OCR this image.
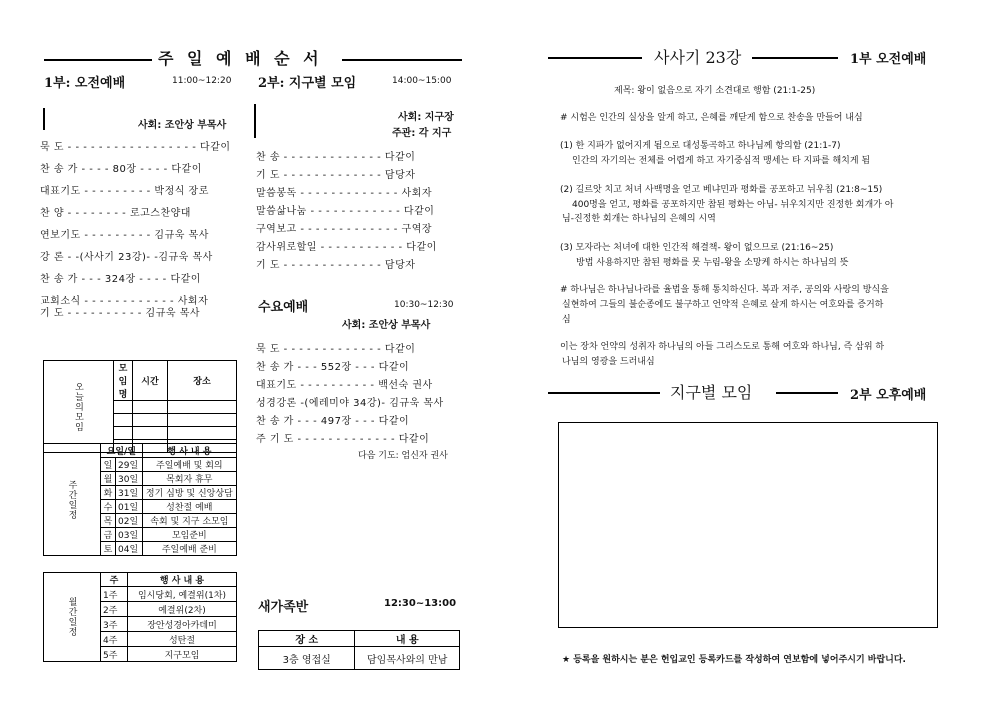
주 일 예 배 순 서
1부: 오전예배	11:00~12:20 2부: 지구별 모임	14:00~15:00
사회: 조안상 부목사
사회: 지구장
주관: 각 지구
묵 도 - - - - - - - - - - - - - - - - - 다같이
찬 송 가 - - - - 80장 - - - - 다같이
대표기도 - - - - - - - - - 박정식 장로
찬 양 - - - - - - - - 로고스찬양대
연보기도 - - - - - - - - - 김규욱 목사
강 론 - -(사사기 23강)- -김규욱 목사
찬 송 가 - - - 324장 - - - - 다같이
교회소식 - - - - - - - - - - - - 사회자
기 도 - - - - - - - - - - 김규욱 목사
찬 송 - - - - - - - - - - - - - 다같이
기 도 - - - - - - - - - - - - - 담당자
말씀봉독 - - - - - - - - - - - - - 사회자
말씀삶나눔 - - - - - - - - - - - - 다같이
구역보고 - - - - - - - - - - - - - 구역장
감사위로할일 - - - - - - - - - - - 다같이
기 도 - - - - - - - - - - - - - 담당자
수요예배	10:30~12:30
사회: 조안상 부목사
묵 도 - - - - - - - - - - - - - 다같이
찬 송 가 - - - 552장 - - - 다같이
대표기도 - - - - - - - - - - 백선숙 권사
성경강론 -(에레미야 34강)- 김규욱 목사
찬 송 가 - - - 497장 - - - 다같이
주 기 도 - - - - - - - - - - - - - 다같이
다음 기도: 엄신자 권사
새가족반	12:30~13:00
장 소	내 용
3층 영접실	담임목사와의 만남
오늘의모임	모임명	시간	장소

주간일정	요일/일		행 사 내 용
	일	29일	주일예배 및 회의
	월	30일	목회자 휴무
	화	31일	정기 심방 및 신앙상담
	수	01일	성찬절 예배
	목	02일	속회 및 지구 소모임
	금	03일	모임준비
	토	04일	주일예배 준비
월간일정	주	행 사 내 용
	1주	임시당회, 예결위(1차)
	2주	예결위(2차)
	3주	장안성경아카데미
	4주	성탄절
	5주	지구모임
사사기 23강	1부 오전예배
제목: 왕이 없음으로 자기 소견대로 행함 (21:1-25)
# 시험은 인간의 실상을 알게 하고, 은혜를 깨닫게 함으로 찬송을 만들어 내심
(1) 한 지파가 없어지게 됨으로 대성통곡하고 하나님께 항의함 (21:1-7)
인간의 자기의는 전체를 어렵게 하고 자기중심적 맹세는 타 지파를 해치게 됨
(2) 길르앗 치고 처녀 사백명을 얻고 베냐민과 평화를 공포하고 뉘우침 (21:8~15)
400명을 얻고, 평화를 공포하지만 참된 평화는 아님- 뉘우치지만 진정한 회개가 아
님-진정한 회개는 하나님의 은혜의 시역
(3) 모자라는 처녀에 대한 인간적 해결책- 왕이 없으므로 (21:16~25)
방법 사용하지만 참된 평화를 못 누림-왕을 소망케 하시는 하나님의 뜻
# 하나님은 하나님나라를 율법을 통해 통치하신다. 복과 저주, 공의와 사랑의 방식을
실현하여 그들의 불순종에도 불구하고 언약적 은혜로 살게 하시는 여호와를 증거하
심
이는 장차 언약의 성취자 하나님의 아들 그리스도로 통해 여호와 하나님, 즉 삼위 하
나님의 영광을 드러내심
지구별 모임	2부 오후예배
★ 등록을 원하시는 분은 헌입교인 등록카드를 작성하여 연보함에 넣어주시기 바랍니다.
